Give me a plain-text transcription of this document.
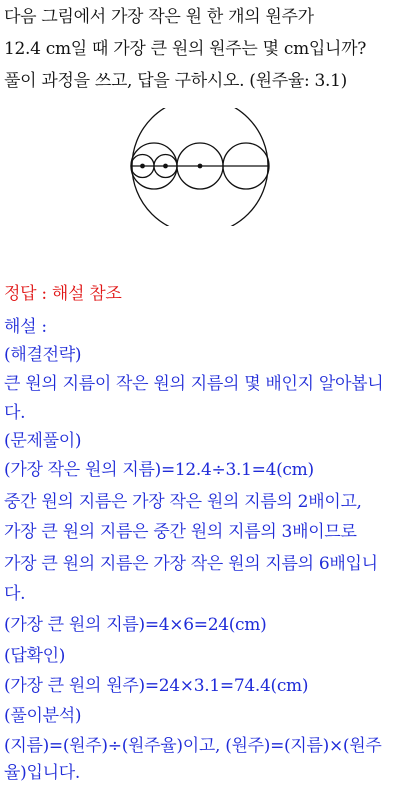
다음 그림에서 가장 작은 원 한 개의 원주가
12.4 cm일 때 가장 큰 원의 원주는 몇 cm입니까?
풀이 과정을 쓰고, 답을 구하시오. (원주율: 3.1)
정답 : 해설 참조
해설 :
(해결전략)
큰 원의 지름이 작은 원의 지름의 몇 배인지 알아봅니
다.
(문제풀이)
(가장 작은 원의 지름)=12.4÷3.1=4(cm)
중간 원의 지름은 가장 작은 원의 지름의 2배이고,
가장 큰 원의 지름은 중간 원의 지름의 3배이므로
가장 큰 원의 지름은 가장 작은 원의 지름의 6배입니
다.
(가장 큰 원의 지름)=4×6=24(cm)
(답확인)
(가장 큰 원의 원주)=24×3.1=74.4(cm)
(풀이분석)
(지름)=(원주)÷(원주율)이고, (원주)=(지름)×(원주
율)입니다.
